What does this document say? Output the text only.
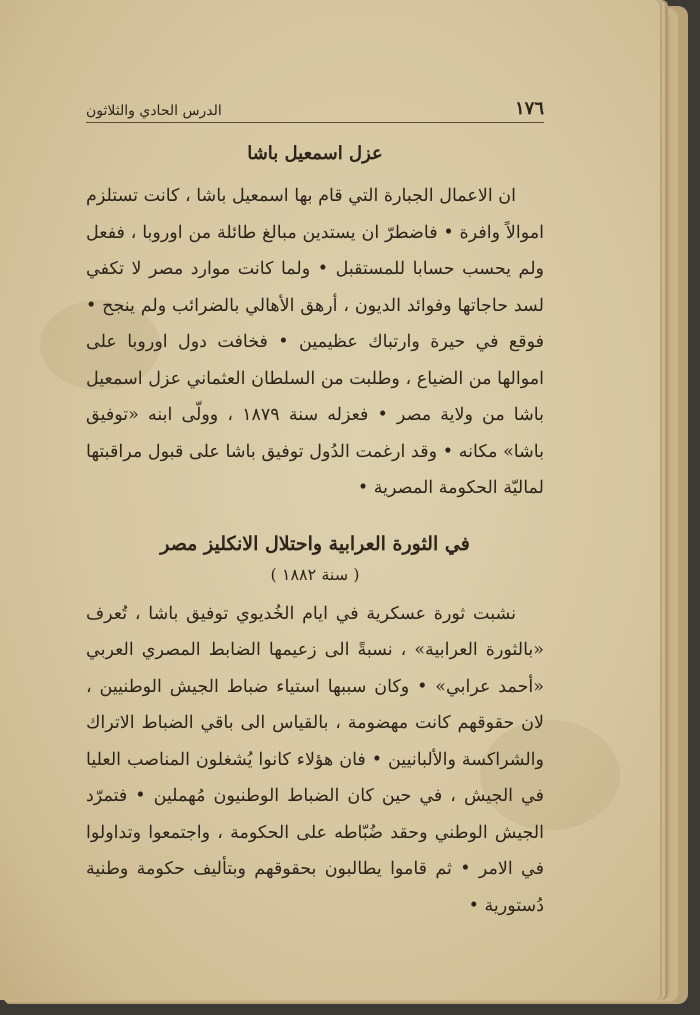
١٧٦
الدرس الحادي والثلاثون
عزل اسمعيل باشا

ان الاعمال الجبارة التي قام بها اسمعيل باشا ، كانت تستلزم اموالاً وافرة • فاضطرّ ان يستدين مبالغ طائلة من اوروبا ، ففعل ولم يحسب حسابا للمستقبل • ولما كانت موارد مصر لا تكفي لسد حاجاتها وفوائد الديون ، أرهق الأهالي بالضرائب ولم ينجح • فوقع في حيرة وارتباك عظيمين • فخافت دول اوروبا على اموالها من الضياع ، وطلبت من السلطان العثماني عزل اسمعيل باشا من ولاية مصر • فعزله سنة ١٨٧٩ ، وولّى ابنه «توفيق باشا» مكانه • وقد ارغمت الدُول توفيق باشا على قبول مراقبتها لماليّة الحكومة المصرية •

في الثورة العرابية واحتلال الانكليز مصر
( سنة ١٨٨٢ )

نشبت ثورة عسكرية في ايام الخُديوي توفيق باشا ، تُعرف «بالثورة العرابية» ، نسبةً الى زعيمها الضابط المصري العربي «أحمد عرابي» • وكان سببها استياء ضباط الجيش الوطنيين ، لان حقوقهم كانت مهضومة ، بالقياس الى باقي الضباط الاتراك والشراكسة والألبانيين • فان هؤلاء كانوا يُشغلون المناصب العليا في الجيش ، في حين كان الضباط الوطنيون مُهملين • فتمرّد الجيش الوطني وحقد ضُبّاطه على الحكومة ، واجتمعوا وتداولوا في الامر • ثم قاموا يطالبون بحقوقهم وبتأليف حكومة وطنية دُستورية •
